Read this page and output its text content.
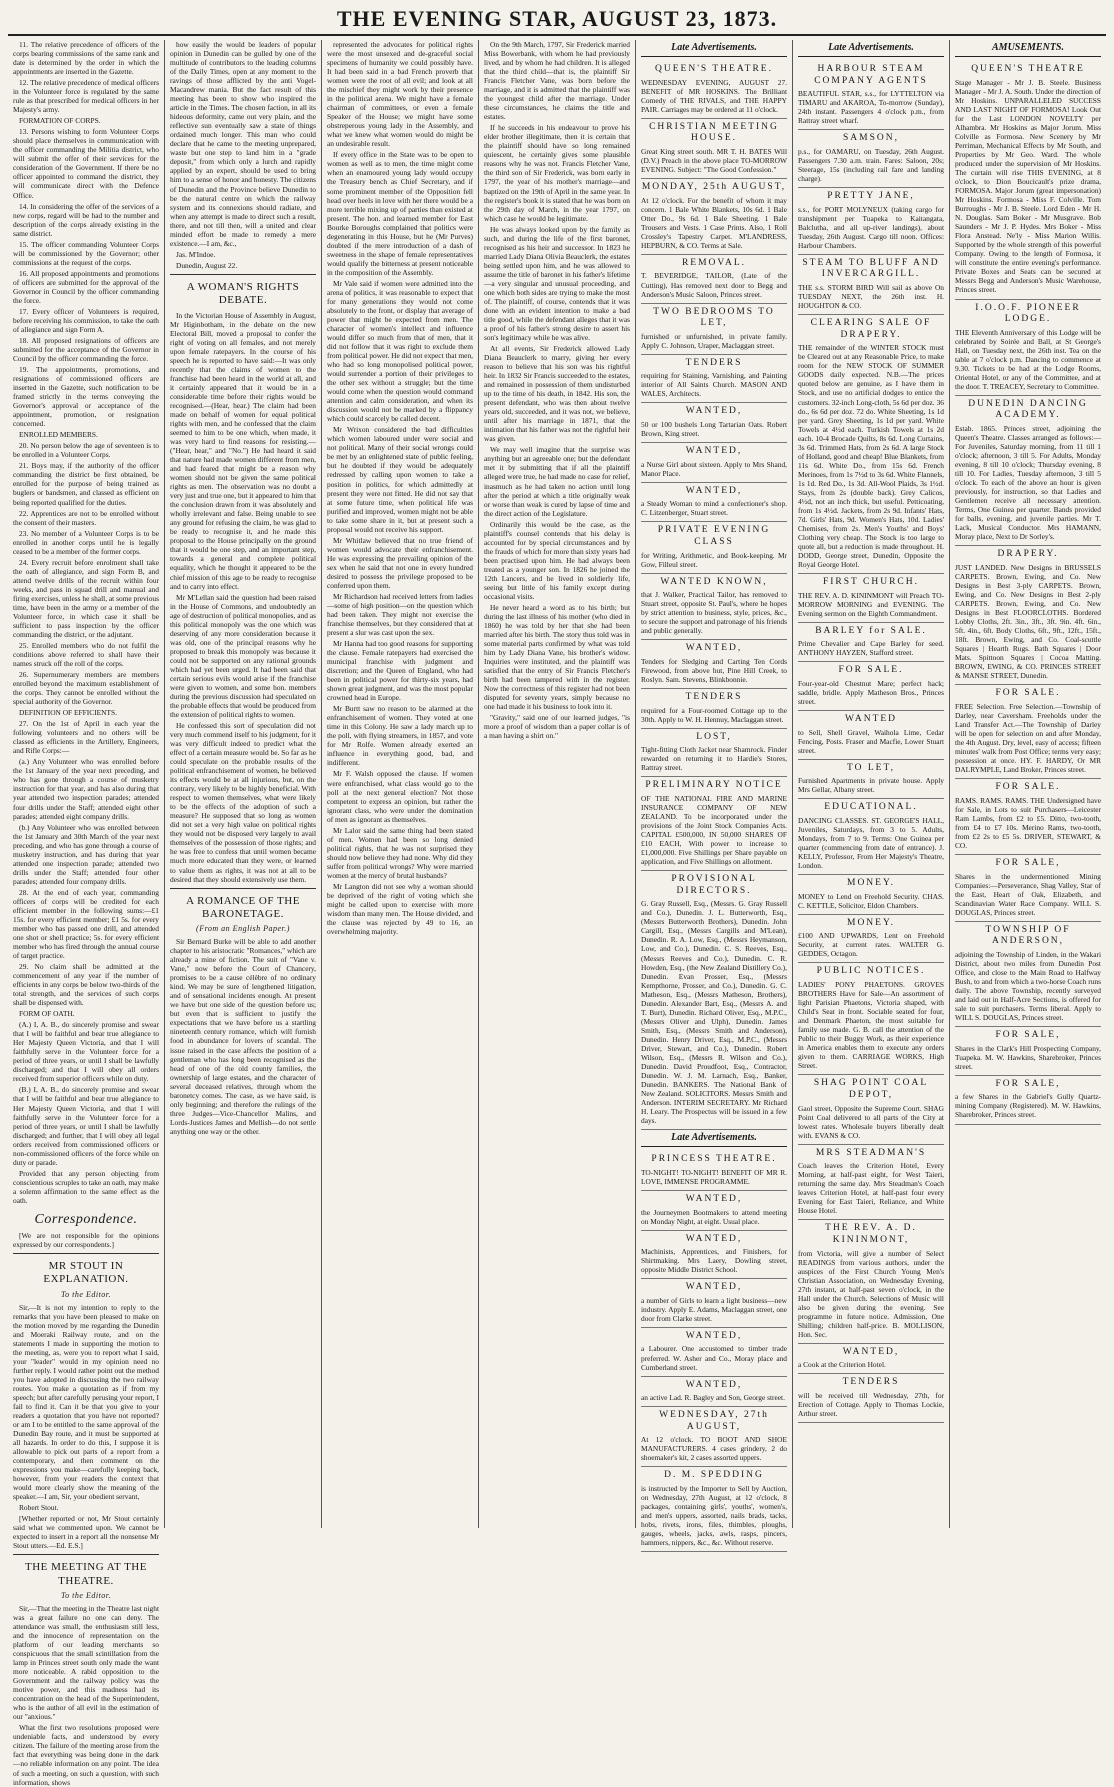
THE EVENING STAR, AUGUST 23, 1873.

11. The relative precedence of officers of the corps bearing commissions of the same rank and date is determined by the order in which the appointments are inserted in the Gazette.

12. The relative precedence of medical officers in the Volunteer force is regulated by the same rule as that prescribed for medical officers in her Majesty's army.

FORMATION OF CORPS.

13. Persons wishing to form Volunteer Corps should place themselves in communication with the officer commanding the Militia district, who will submit the offer of their services for the consideration of the Government. If there be no officer appointed to command the district, they will communicate direct with the Defence Office.

14. In considering the offer of the services of a new corps, regard will be had to the number and description of the corps already existing in the same district.

15. The officer commanding Volunteer Corps will be commissioned by the Governor; other commissions at the request of the corps.

16. All proposed appointments and promotions of officers are submitted for the approval of the Governor in Council by the officer commanding the force.

17. Every officer of Volunteers is required, before receiving his commission, to take the oath of allegiance and sign Form A.

18. All proposed resignations of officers are submitted for the acceptance of the Governor in Council by the officer commanding the force.

19. The appointments, promotions, and resignations of commissioned officers are inserted in the Gazette, such notification to be framed strictly in the terms conveying the Governor's approval or acceptance of the appointment, promotion, or resignation concerned.

ENROLLED MEMBERS.

20. No person below the age of seventeen is to be enrolled in a Volunteer Corps.

21. Boys may, if the authority of the officer commanding the district be first obtained, be enrolled for the purpose of being trained as buglers or bandsmen, and classed as efficient on being reported qualified for the duties.

22. Apprentices are not to be enrolled without the consent of their masters.

23. No member of a Volunteer Corps is to be enrolled in another corps until he is legally ceased to be a member of the former corps.

24. Every recruit before enrolment shall take the oath of allegiance, and sign Form B, and attend twelve drills of the recruit within four weeks, and pass in squad drill and manual and firing exercises, unless he shall, at some previous time, have been in the army or a member of the Volunteer force, in which case it shall be sufficient to pass inspection by the officer commanding the district, or the adjutant.

25. Enrolled members who do not fulfil the conditions above referred to shall have their names struck off the roll of the corps.

26. Supernumerary members are members enrolled beyond the maximum establishment of the corps. They cannot be enrolled without the special authority of the Governor.

DEFINITION OF EFFICIENTS.

27. On the 1st of April in each year the following volunteers and no others will be classed as efficients in the Artillery, Engineers, and Rifle Corps:—

(a.) Any Volunteer who was enrolled before the 1st January of the year next preceding, and who has gone through a course of musketry instruction for that year, and has also during that year attended two inspection parades; attended four drills under the Staff; attended eight other parades; attended eight company drills.

(b.) Any Volunteer who was enrolled between the 1st January and 30th March of the year next preceding, and who has gone through a course of musketry instruction, and has during that year attended one inspection parade; attended two drills under the Staff; attended four other parades; attended four company drills.

28. At the end of each year, commanding officers of corps will be credited for each efficient member in the following sums:—£1 15s. for every efficient member; £1 5s. for every member who has passed one drill, and attended one shot or shell practice; 5s. for every efficient member who has fired through the annual course of target practice.

29. No claim shall be admitted at the commencement of any year if the number of efficients in any corps be below two-thirds of the total strength, and the services of such corps shall be dispensed with.

FORM OF OATH.

(A.) I, A. B., do sincerely promise and swear that I will be faithful and bear true allegiance to Her Majesty Queen Victoria, and that I will faithfully serve in the Volunteer force for a period of three years, or until I shall be lawfully discharged; and that I will obey all orders received from superior officers while on duty.

(B.) I, A. B., do sincerely promise and swear that I will be faithful and bear true allegiance to Her Majesty Queen Victoria, and that I will faithfully serve in the Volunteer force for a period of three years, or until I shall be lawfully discharged; and further, that I will obey all legal orders received from commissioned officers or non-commissioned officers of the force while on duty or parade.

Provided that any person objecting from conscientious scruples to take an oath, may make a solemn affirmation to the same effect as the oath.

Correspondence.

[We are not responsible for the opinions expressed by our correspondents.]

MR STOUT IN EXPLANATION.
To the Editor.

Sir,—It is not my intention to reply to the remarks that you have been pleased to make on the motion moved by me regarding the Dunedin and Moeraki Railway route, and on the statements I made in supporting the motion to the meeting, as, were you to report what I said, your "leader" would in my opinion need no further reply. I would rather point out the method you have adopted in discussing the two railway routes. You make a quotation as if from my speech; but after carefully perusing your report, I fail to find it. Can it be that you give to your readers a quotation that you have not reported? or am I to be entitled to the same approval of the Dunedin Bay route, and it must be supported at all hazards. In order to do this, I suppose it is allowable to pick out parts of a report from a contemporary, and then comment on the expressions you make—carefully keeping back, however, from your readers the context that would more clearly show the meaning of the speaker.—I am, Sir, your obedient servant,

Robert Stout.

[Whether reported or not, Mr Stout certainly said what we commented upon. We cannot be expected to insert in a report all the nonsense Mr Stout utters.—Ed. E.S.]

THE MEETING AT THE THEATRE.
To the Editor.

Sir,—That the meeting in the Theatre last night was a great failure no one can deny. The attendance was small, the enthusiasm still less, and the innocence of representation on the platform of our leading merchants so conspicuous that the small scintillation from the lamp in Princes street south only made the want more noticeable. A rabid opposition to the Government and the railway policy was the motive power, and this madness had its concentration on the head of the Superintendent, who is the author of all evil in the estimation of our "anxious."

What the first two resolutions proposed were undeniable facts, and understood by every citizen. The failure of the meeting arose from the fact that everything was being done in the dark—no reliable information on any point. The idea of such a meeting, on such a question, with such information, shows

how easily the would be leaders of popular opinion in Dunedin can be gulled by one of the multitude of contributors to the leading columns of the Daily Times, open at any moment to the ravings of those afflicted by the anti Vogel-Macandrew mania. But the fact result of this meeting has been to show who inspired the article in the Times. The chosen faction, in all its hideous deformity, came out very plain, and the reflective sun eventually saw a state of things ordained much longer. This man who could declare that he came to the meeting unprepared, waste but one step to land him in a "grade deposit," from which only a lurch and rapidly applied by an expert, should be used to bring him to a sense of honor and honesty. The citizens of Dunedin and the Province believe Dunedin to be the natural centre on which the railway system and its connexions should radiate, and when any attempt is made to direct such a result, there, and not till then, will a united and clear minded effort be made to remedy a mere existence.—I am, &c.,

Jas. M'Indoe.

Dunedin, August 22.

A WOMAN'S RIGHTS DEBATE.

In the Victorian House of Assembly in August, Mr Higinbotham, in the debate on the new Electoral Bill, moved a proposal to confer the right of voting on all females, and not merely upon female ratepayers. In the course of his speech he is reported to have said:—It was only recently that the claims of women to the franchise had been heard in the world at all, and it certainly appeared that it would be in a considerable time before their rights would be recognised.—(Hear, hear.) The claim had been made on behalf of women for equal political rights with men, and he confessed that the claim seemed to him to be one which, when made, it was very hard to find reasons for resisting.—("Hear, hear," and "No.") He had heard it said that nature had made women different from men, and had feared that might be a reason why women should not be given the same political rights as men. The observation was no doubt a very just and true one, but it appeared to him that the conclusion drawn from it was absolutely and wholly irrelevant and false. Being unable to see any ground for refusing the claim, he was glad to be ready to recognise it, and he made this proposal to the House principally on the ground that it would be one step, and an important step, towards a general and complete political equality, which he thought it appeared to be the chief mission of this age to be ready to recognise and to carry into effect.

Mr M'Lellan said the question had been raised in the House of Commons, and undoubtedly an age of destruction of political monopolies, and as this political monopoly was the one which was deserving of any more consideration because it was old, one of the principal reasons why he proposed to break this monopoly was because it could not be supported on any rational grounds which had yet been urged. It had been said that certain serious evils would arise if the franchise were given to women, and some hon. members during the previous discussion had speculated on the probable effects that would be produced from the extension of political rights to women.

He confessed this sort of speculation did not very much commend itself to his judgment, for it was very difficult indeed to predict what the effect of a certain measure would be. So far as he could speculate on the probable results of the political enfranchisement of women, he believed its effects would be at all injurious, but, on the contrary, very likely to be highly beneficial. With respect to women themselves, what were likely to be the effects of the adoption of such a measure? He supposed that so long as women did not set a very high value on political rights they would not be disposed very largely to avail themselves of the possession of those rights; and he was free to confess that until women became much more educated than they were, or learned to value them as rights, it was not at all to be desired that they should extensively use them.

A ROMANCE OF THE BARONETAGE.
(From an English Paper.)

Sir Bernard Burke will be able to add another chapter to his aristocratic "Romances," which are already a mine of fiction. The suit of "Vane v. Vane," now before the Court of Chancery, promises to be a cause célèbre of no ordinary kind. We may be sure of lengthened litigation, and of sensational incidents enough. At present we have but one side of the question before us; but even that is sufficient to justify the expectations that we have before us a startling nineteenth century romance, which will furnish food in abundance for lovers of scandal. The issue raised in the case affects the position of a gentleman who has long been recognised as the head of one of the old county families, the ownership of large estates, and the character of several deceased relatives, through whom the baronetcy comes. The case, as we have said, is only beginning; and therefore the rulings of the three Judges—Vice-Chancellor Malins, and Lords-Justices James and Mellish—do not settle anything one way or the other.

represented the advocates for political rights were the most unsexed and de-graceful social specimens of humanity we could possibly have. It had been said in a bad French proverb that women were the root of all evil; and look at all the mischief they might work by their presence in the political arena. We might have a female chairman of committees, or even a female Speaker of the House; we might have some obstreperous young lady in the Assembly, and what we knew what women would do might be an undesirable result.

If every office in the State was to be open to women as well as to men, the time might come when an enamoured young lady would occupy the Treasury bench as Chief Secretary, and if some prominent member of the Opposition fell head over heels in love with her there would be a more terrible mixing up of parties than existed at present. The hon. and learned member for East Bourke Boroughs complained that politics were degenerating in this House, but he (Mr Purves) doubted if the mere introduction of a dash of sweetness in the shape of female representatives would qualify the bitterness at present noticeable in the composition of the Assembly.

Mr Vale said if women were admitted into the arena of politics, it was reasonable to expect that for many generations they would not come absolutely to the front, or display that average of power that might be expected from men. The character of women's intellect and influence would differ so much from that of men, that it did not follow that it was right to exclude them from political power. He did not expect that men, who had so long monopolised political power, would surrender a portion of their privileges to the other sex without a struggle; but the time would come when the question would command attention and calm consideration, and when its discussion would not be marked by a flippancy which could scarcely be called decent.

Mr Wrixon considered the bad difficulties which women laboured under were social and not political. Many of their social wrongs could be met by an enlightened state of public feeling, but he doubted if they would be adequately redressed by calling upon women to take a position in politics, for which admittedly at present they were not fitted. He did not say that at some future time, when political life was purified and improved, women might not be able to take some share in it, but at present such a proposal would not receive his support.

Mr Whitlaw believed that no true friend of women would advocate their enfranchisement. He was expressing the prevailing opinion of the sex when he said that not one in every hundred desired to possess the privilege proposed to be conferred upon them.

Mr Richardson had received letters from ladies—some of high position—on the question which had been taken. They might not exercise the franchise themselves, but they considered that at present a slur was cast upon the sex.

Mr Hanna had too good reasons for supporting the clause. Female ratepayers had exercised the municipal franchise with judgment and discretion; and the Queen of England, who had been in political power for thirty-six years, had shown great judgment, and was the most popular crowned head in Europe.

Mr Burtt saw no reason to be alarmed at the enfranchisement of women. They voted at one time in this Colony. He saw a lady march up to the poll, with flying streamers, in 1857, and vote for Mr Rolfe. Women already exerted an influence in everything good, bad, and indifferent.

Mr F. Walsh opposed the clause. If women were enfranchised, what class would go to the poll at the next general election? Not those competent to express an opinion, but rather the ignorant class, who were under the domination of men as ignorant as themselves.

Mr Lalor said the same thing had been stated of men. Women had been so long denied political rights, that he was not surprised they should now believe they had none. Why did they suffer from political wrongs? Why were married women at the mercy of brutal husbands?

Mr Langton did not see why a woman should be deprived of the right of voting which she might be called upon to exercise with more wisdom than many men. The House divided, and the clause was rejected by 49 to 16, an overwhelming majority.

On the 9th March, 1797, Sir Frederick married Miss Bowerbank, with whom he had previously lived, and by whom he had children. It is alleged that the third child—that is, the plaintiff Sir Francis Fletcher Vane, was born before the marriage, and it is admitted that the plaintiff was the youngest child after the marriage. Under these circumstances, he claims the title and estates.

If he succeeds in his endeavour to prove his elder brother illegitimate, then it is certain that the plaintiff should have so long remained quiescent, he certainly gives some plausible reasons why he was not. Francis Fletcher Vane, the third son of Sir Frederick, was born early in 1797, the year of his mother's marriage—and baptized on the 19th of April in the same year. In the register's book it is stated that he was born on the 29th day of March, in the year 1797, on which case he would be legitimate.

He was always looked upon by the family as such, and during the life of the first baronet, recognised as his heir and successor. In 1823 he married Lady Diana Olivia Beauclerk, the estates being settled upon him, and he was allowed to assume the title of baronet in his father's lifetime—a very singular and unusual proceeding, and one which both sides are trying to make the most of. The plaintiff, of course, contends that it was done with an evident intention to make a bad title good, while the defendant alleges that it was a proof of his father's strong desire to assert his son's legitimacy while he was alive.

At all events, Sir Frederick allowed Lady Diana Beauclerk to marry, giving her every reason to believe that his son was his rightful heir. In 1832 Sir Francis succeeded to the estates, and remained in possession of them undisturbed up to the time of his death, in 1842. His son, the present defendant, who was then about twelve years old, succeeded, and it was not, we believe, until after his marriage in 1871, that the intimation that his father was not the rightful heir was given.

We may well imagine that the surprise was anything but an agreeable one; but the defendant met it by submitting that if all the plaintiff alleged were true, he had made no case for relief, inasmuch as he had taken no action until long after the period at which a title originally weak or worse than weak is cured by lapse of time and the direct action of the Legislature.

Ordinarily this would be the case, as the plaintiff's counsel contends that his delay is accounted for by special circumstances and by the frauds of which for more than sixty years had been practised upon him. He had always been treated as a younger son. In 1826 he joined the 12th Lancers, and he lived in soldierly life, seeing but little of his family except during occasional visits.

He never heard a word as to his birth; but during the last illness of his mother (who died in 1860) he was told by her that she had been married after his birth. The story thus told was in some material parts confirmed by what was told him by Lady Diana Vane, his brother's widow. Inquiries were instituted, and the plaintiff was satisfied that the entry of Sir Francis Fletcher's birth had been tampered with in the register. Now the correctness of this register had not been disputed for seventy years, simply because no one had made it his business to look into it.

"Gravity," said one of our learned judges, "is more a proof of wisdom than a paper collar is of a man having a shirt on."

Late Advertisements.
QUEEN'S THEATRE.
WEDNESDAY EVENING, AUGUST 27. BENEFIT of MR HOSKINS. The Brilliant Comedy of THE RIVALS, and THE HAPPY PAIR. Carriages may be ordered at 11 o'clock.
CHRISTIAN MEETING HOUSE.
Great King street south. MR T. H. BATES Will (D.V.) Preach in the above place TO-MORROW EVENING. Subject: "The Good Confession."
MONDAY, 25th AUGUST,
At 12 o'clock. For the benefit of whom it may concern. 1 Bale White Blankets, 10s 6d. 1 Bale Otter Do., 9s 6d. 1 Bale Sheeting. 1 Bale Trousers and Vests. 1 Case Prints. Also, 1 Roll Crossley's Tapestry Carpet. M'LANDRESS, HEPBURN, & CO. Terms at Sale.
REMOVAL.
T. BEVERIDGE, TAILOR, (Late of the Cutting), Has removed next door to Begg and Anderson's Music Saloon, Princes street.
TWO BEDROOMS TO LET,
furnished or unfurnished, in private family. Apply C. Johnson, Uraper, Maclaggan street.
TENDERS
requiring for Staining, Varnishing, and Painting interior of All Saints Church. MASON AND WALES, Architects.
WANTED,
50 or 100 bushels Long Tartarian Oats. Robert Brown, King street.
WANTED,
a Nurse Girl about sixteen. Apply to Mrs Shand, Manor Place.
WANTED,
a Steady Woman to mind a confectioner's shop. C. Litzenberger, Stuart street.
PRIVATE EVENING CLASS
for Writing, Arithmetic, and Book-keeping. Mr Gow, Filleul street.
WANTED KNOWN,
that J. Walker, Practical Tailor, has removed to Stuart street, opposite St. Paul's, where he hopes by strict attention to business, style, prices, &c., to secure the support and patronage of his friends and public generally.
WANTED,
Tenders for Sledging and Carting Ten Cords Firewood, from above hut, Pine Hill Creek, to Roslyn. Sam. Stevens, Blinkbonnie.
TENDERS
required for a Four-roomed Cottage up to the 30th. Apply to W. H. Hennuy, Maclaggan street.
LOST,
Tight-fitting Cloth Jacket near Shamrock. Finder rewarded on returning it to Hardie's Stores, Rattray street.
PRELIMINARY NOTICE
OF THE NATIONAL FIRE AND MARINE INSURANCE COMPANY OF NEW ZEALAND. To be incorporated under the provisions of the Joint Stock Companies Acts. CAPITAL £500,000, IN 50,000 SHARES OF £10 EACH, With power to increase to £1,000,000. Five Shillings per Share payable on application, and Five Shillings on allotment.
PROVISIONAL DIRECTORS.
G. Gray Russell, Esq., (Messrs. G. Gray Russell and Co.), Dunedin. J. L. Butterworth, Esq., (Messrs Butterworth Brothers), Dunedin. John Cargill, Esq., (Messrs Cargills and M'Lean), Dunedin. R. A. Low, Esq., (Messrs Heymanson, Low, and Co.), Dunedin. C. S. Reeves, Esq., (Messrs Reeves and Co.), Dunedin. C. R. Howden, Esq., (the New Zealand Distillery Co.), Dunedin. Evan Prosser, Esq., (Messrs Kempthorne, Prosser, and Co.), Dunedin. G. C. Matheson, Esq., (Messrs Matheson, Brothers), Dunedin. Alexander Bart, Esq., (Messrs A. and T. Burt), Dunedin. Richard Oliver, Esq., M.P.C., (Messrs Oliver and Ulph), Dunedin. James Smith, Esq., (Messrs Smith and Anderson), Dunedin. Henry Driver, Esq., M.P.C., (Messrs Driver, Stewart, and Co.), Dunedin. Robert Wilson, Esq., (Messrs R. Wilson and Co.), Dunedin. David Proudfoot, Esq., Contractor, Dunedin. W. J. M. Larnach, Esq., Banker, Dunedin. BANKERS. The National Bank of New Zealand. SOLICITORS. Messrs Smith and Anderson. INTERIM SECRETARY. Mr Richard H. Leary. The Prospectus will be issued in a few days.
Late Advertisements.
PRINCESS THEATRE.
TO-NIGHT! TO-NIGHT! BENEFIT OF MR R. LOVE, IMMENSE PROGRAMME.
WANTED,
the Journeymen Bootmakers to attend meeting on Monday Night, at eight. Usual place.
WANTED,
Machinists, Apprentices, and Finishers, for Shirtmaking. Mrs Laery, Dowling street, opposite Middle District School.
WANTED,
a number of Girls to learn a light business—new industry. Apply E. Adams, Maclaggan street, one door from Clarke street.
WANTED,
a Labourer. One accustomed to timber trade preferred. W. Asher and Co., Moray place and Cumberland street.
WANTED,
an active Lad. R. Bagley and Son, George street.
WEDNESDAY, 27th AUGUST,
At 12 o'clock. TO BOOT AND SHOE MANUFACTURERS. 4 cases grindery, 2 do shoemaker's kit, 2 cases assorted uppers.
D. M. SPEDDING
is instructed by the Importer to Sell by Auction, on Wednesday, 27th August, at 12 o'clock, 8 packages, containing girls', youths', women's, and men's uppers, assorted, nails brads, tacks, hobs, rivets, irons, files, thimbles, ploughs, gauges, wheels, jacks, awls, rasps, pincers, hammers, nippers, &c., &c. Without reserve.
Late Advertisements.
HARBOUR STEAM COMPANY AGENTS
BEAUTIFUL STAR, s.s., for LYTTELTON via TIMARU and AKAROA, To-morrow (Sunday), 24th instant. Passengers 4 o'clock p.m., from Rattray street wharf.
SAMSON,
p.s., for OAMARU, on Tuesday, 26th August. Passengers 7.30 a.m. train. Fares: Saloon, 20s; Steerage, 15s (including rail fare and landing charge).
PRETTY JANE,
s.s., for PORT MOLYNEUX (taking cargo for transhipment per Tuapeka to Kaitangata, Balclutha, and all up-river landings), about Tuesday, 26th August. Cargo till noon. Offices: Harbour Chambers.
STEAM TO BLUFF AND INVERCARGILL.
THE s.s. STORM BIRD Will sail as above On TUESDAY NEXT, the 26th inst. H. HOUGHTON & CO.
CLEARING SALE OF DRAPERY.
THE remainder of the WINTER STOCK must be Cleared out at any Reasonable Price, to make room for the NEW STOCK OF SUMMER GOODS daily expected. N.B.—The prices quoted below are genuine, as I have them in Stock, and use no artificial dodges to entice the customers. 32-inch Long-cloth, 5s 6d per doz. 36 do., 6s 6d per doz. 72 do. White Sheeting, 1s 1d per yard. Grey Sheeting, 1s 1d per yard. White Towels at 4½d each. Turkish Towels at 1s 2d each. 10-4 Brocade Quilts, 8s 6d. Long Curtains, 3s 6d. Trimmed Hats, from 2s 6d. A large Stock of Holland, good and cheap! Blue Blankets, from 11s 6d. White Do., from 15s 6d. French Merinoes, from 1s 7½d to 3s 6d. White Flannels, 1s 1d. Red Do., 1s 3d. All-Wool Plaids, 3s 1½d. Stays, from 2s (double back). Grey Calicos, 4½d, not an inch thick, but useful. Petticoating, from 1s 4½d. Jackets, from 2s 9d. Infants' Hats, 7d. Girls' Hats, 9d. Women's Hats, 10d. Ladies' Chemises, from 2s. Men's Youths' and Boys' Clothing very cheap. The Stock is too large to quote all, but a reduction is made throughout. H. DODD, George street, Dunedin, Opposite the Royal George Hotel.
FIRST CHURCH.
THE REV. A. D. KININMONT will Preach TO-MORROW MORNING and EVENING. The Evening sermon on the Eighth Commandment.
BARLEY for SALE.
Prime Chevalier and Cape Barley for seed. ANTHONY HAYZEN, Stafford street.
FOR SALE.
Four-year-old Chestnut Mare; perfect hack; saddle, bridle. Apply Matheson Bros., Princes street.
WANTED
to Sell, Shell Gravel, Waihola Lime, Cedar Fencing, Posts. Fraser and Macfie, Lower Stuart street.
TO LET,
Furnished Apartments in private house. Apply Mrs Gellar, Albany street.
EDUCATIONAL.
DANCING CLASSES. ST. GEORGE'S HALL, Juveniles, Saturdays, from 3 to 5. Adults, Mondays, from 7 to 9. Terms: One Guinea per quarter (commencing from date of entrance). J. KELLY, Professor, From Her Majesty's Theatre, London.
MONEY.
MONEY to Lend on Freehold Security. CHAS. C. KETTLE, Solicitor, Eldon Chambers.
MONEY.
£100 AND UPWARDS, Lent on Freehold Security, at current rates. WALTER G. GEDDES, Octagon.
PUBLIC NOTICES.
LADIES' PONY PHAETONS. GROVES BROTHERS Have for Sale—An assortment of light Parisian Phaetons, Victoria shaped, with Child's Seat in front. Sociable seated for four, and Denmark Phaeton, the most suitable for family use made. G. B. call the attention of the Public to their Buggy Work, as their experience in America enables them to execute any orders given to them. CARRIAGE WORKS, High Street.
SHAG POINT COAL DEPOT,
Gaol street, Opposite the Supreme Court. SHAG Point Coal delivered to all parts of the City at lowest rates. Wholesale buyers liberally dealt with. EVANS & CO.
MRS STEADMAN'S
Coach leaves the Criterion Hotel, Every Morning, at half-past eight, for West Taieri, returning the same day. Mrs Steadman's Coach leaves Criterion Hotel, at half-past four every Evening for East Taieri, Reliance, and White House Hotel.
THE REV. A. D. KININMONT,
from Victoria, will give a number of Select READINGS from various authors, under the auspices of the First Church Young Men's Christian Association, on Wednesday Evening, 27th instant, at half-past seven o'clock, in the Hall under the Church. Selections of Music will also be given during the evening. See programme in future notice. Admission, One Shilling; children half-price. B. MOLLISON, Hon. Sec.
WANTED,
a Cook at the Criterion Hotel.
TENDERS
will be received till Wednesday, 27th, for Erection of Cottage. Apply to Thomas Lockie, Arthur street.
AMUSEMENTS.
QUEEN'S THEATRE
Stage Manager - Mr J. B. Steele. Business Manager - Mr J. A. South. Under the direction of Mr Hoskins. UNPARALLELED SUCCESS AND LAST NIGHT OF FORMOSA! Look Out for the Last LONDON NOVELTY per Alhambra. Mr Hoskins as Major Jorum. Miss Colville as Formosa. New Scenery by Mr Perriman, Mechanical Effects by Mr South, and Properties by Mr Geo. Ward. The whole produced under the supervision of Mr Hoskins. The curtain will rise THIS EVENING, at 8 o'clock, to Dion Boucicault's prize drama, FORMOSA. Major Jorum (great impersonation) Mr Hoskins. Formosa - Miss F. Colville. Tom Burroughs - Mr J. B. Steele. Lord Eden - Mr H. N. Douglas. Sam Boker - Mr Musgrave. Bob Saunders - Mr J. P. Hydes. Mrs Boker - Miss Flora Anstead. Ne'ly - Miss Marion Willis. Supported by the whole strength of this powerful Company. Owing to the length of Formosa, it will constitute the entire evening's performance. Private Boxes and Seats can be secured at Messrs Begg and Anderson's Music Warehouse, Princes street.
I.O.O.F. PIONEER LODGE.
THE Eleventh Anniversary of this Lodge will be celebrated by Soirée and Ball, at St George's Hall, on Tuesday next, the 26th inst. Tea on the table at 7 o'clock p.m. Dancing to commence at 9.30. Tickets to be had at the Lodge Rooms, Oriental Hotel, or any of the Committee, and at the door. T. TREACEY, Secretary to Committee.
DUNEDIN DANCING ACADEMY.
Estab. 1865. Princes street, adjoining the Queen's Theatre. Classes arranged as follows:— For Juveniles, Saturday morning, from 11 till 1 o'clock; afternoon, 3 till 5. For Adults, Monday evening, 8 till 10 o'clock; Thursday evening, 8 till 10. For Ladies, Tuesday afternoon, 3 till 5 o'clock. To each of the above an hour is given previously, for instruction, so that Ladies and Gentlemen receive all necessary attention. Terms, One Guinea per quarter. Bands provided for balls, evening, and juvenile parties. Mr T. Lack, Musical Conductor. Mrs HAMANN, Moray place, Next to Dr Sorley's.
DRAPERY.
JUST LANDED. New Designs in BRUSSELS CARPETS. Brown, Ewing, and Co. New Designs in Best 3-ply CARPETS. Brown, Ewing, and Co. New Designs in Best 2-ply CARPETS. Brown, Ewing, and Co. New Designs in Best FLOORCLOTHS. Bordered Lobby Cloths, 2ft. 3in., 3ft., 3ft. 9in. 4ft. 6in., 5ft. 4in., 6ft. Body Cloths, 6ft., 9ft., 12ft., 15ft., 18ft. Brown, Ewing, and Co. Coal-scuttle Squares | Hearth Rugs. Bath Squares | Door Mats. Spittoon Squares | Cocoa Matting. BROWN, EWING, & CO. PRINCES STREET & MANSE STREET, Dunedin.
FOR SALE.
FREE Selection. Free Selection.—Township of Darley, near Caversham. Freeholds under the Land Transfer Act.—The Township of Darley will be open for selection on and after Monday, the 4th August. Dry, level, easy of access; fifteen minutes' walk from Post Office; terms very easy; possession at once. HY. F. HARDY, Or MR DALRYMPLE, Land Broker, Princes street.
FOR SALE.
RAMS. RAMS. RAMS. THE Undersigned have for Sale, in Lots to suit Purchasers—Leicester Ram Lambs, from £2 to £5. Ditto, two-tooth, from £4 to £7 10s. Merino Rams, two-tooth, from £2 2s to £5 5s. DRIVER, STEWART, & CO.
FOR SALE,
Shares in the undermentioned Mining Companies:—Perseverance, Shag Valley, Star of the East, Heart of Oak, Elizabeth, and Scandinavian Water Race Company. WILL S. DOUGLAS, Princes street.
TOWNSHIP OF ANDERSON,
adjoining the Township of Linden, in the Wakari District, about two miles from Dunedin Post Office, and close to the Main Road to Halfway Bush, to and from which a two-horse Coach runs daily. The above Township, recently surveyed and laid out in Half-Acre Sections, is offered for sale to suit purchasers. Terms liberal. Apply to WILL S. DOUGLAS, Princes street.
FOR SALE,
Shares in the Clark's Hill Prospecting Company, Tuapeka. M. W. Hawkins, Sharebroker, Princes street.
FOR SALE,
a few Shares in the Gabriel's Gully Quartz-mining Company (Registered). M. W. Hawkins, Sharebroker, Princes street.
